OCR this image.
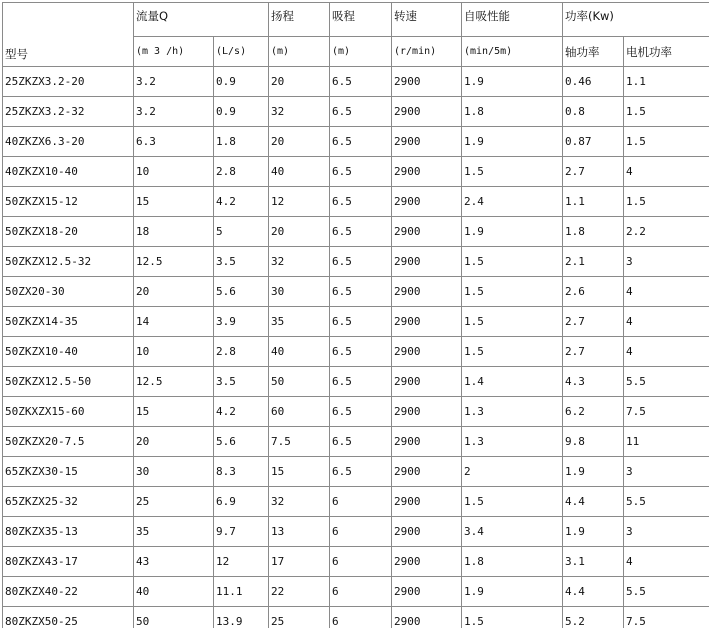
型号	流量Q		扬程	吸程	转速	自吸性能	功率(Kw)	
	(m 3 /h)	(L/s)	(m)	(m)	(r/min)	(min/5m)	轴功率	电机功率
25ZKZX3.2-20	3.2	0.9	20	6.5	2900	1.9	0.46	1.1
25ZKZX3.2-32	3.2	0.9	32	6.5	2900	1.8	0.8	1.5
40ZKZX6.3-20	6.3	1.8	20	6.5	2900	1.9	0.87	1.5
40ZKZX10-40	10	2.8	40	6.5	2900	1.5	2.7	4
50ZKZX15-12	15	4.2	12	6.5	2900	2.4	1.1	1.5
50ZKZX18-20	18	5	20	6.5	2900	1.9	1.8	2.2
50ZKZX12.5-32	12.5	3.5	32	6.5	2900	1.5	2.1	3
50ZX20-30	20	5.6	30	6.5	2900	1.5	2.6	4
50ZKZX14-35	14	3.9	35	6.5	2900	1.5	2.7	4
50ZKZX10-40	10	2.8	40	6.5	2900	1.5	2.7	4
50ZKZX12.5-50	12.5	3.5	50	6.5	2900	1.4	4.3	5.5
50ZKXZX15-60	15	4.2	60	6.5	2900	1.3	6.2	7.5
50ZKZX20-7.5	20	5.6	7.5	6.5	2900	1.3	9.8	11
65ZKZX30-15	30	8.3	15	6.5	2900	2	1.9	3
65ZKZX25-32	25	6.9	32	6	2900	1.5	4.4	5.5
80ZKZX35-13	35	9.7	13	6	2900	3.4	1.9	3
80ZKZX43-17	43	12	17	6	2900	1.8	3.1	4
80ZKZX40-22	40	11.1	22	6	2900	1.9	4.4	5.5
80ZKZX50-25	50	13.9	25	6	2900	1.5	5.2	7.5
